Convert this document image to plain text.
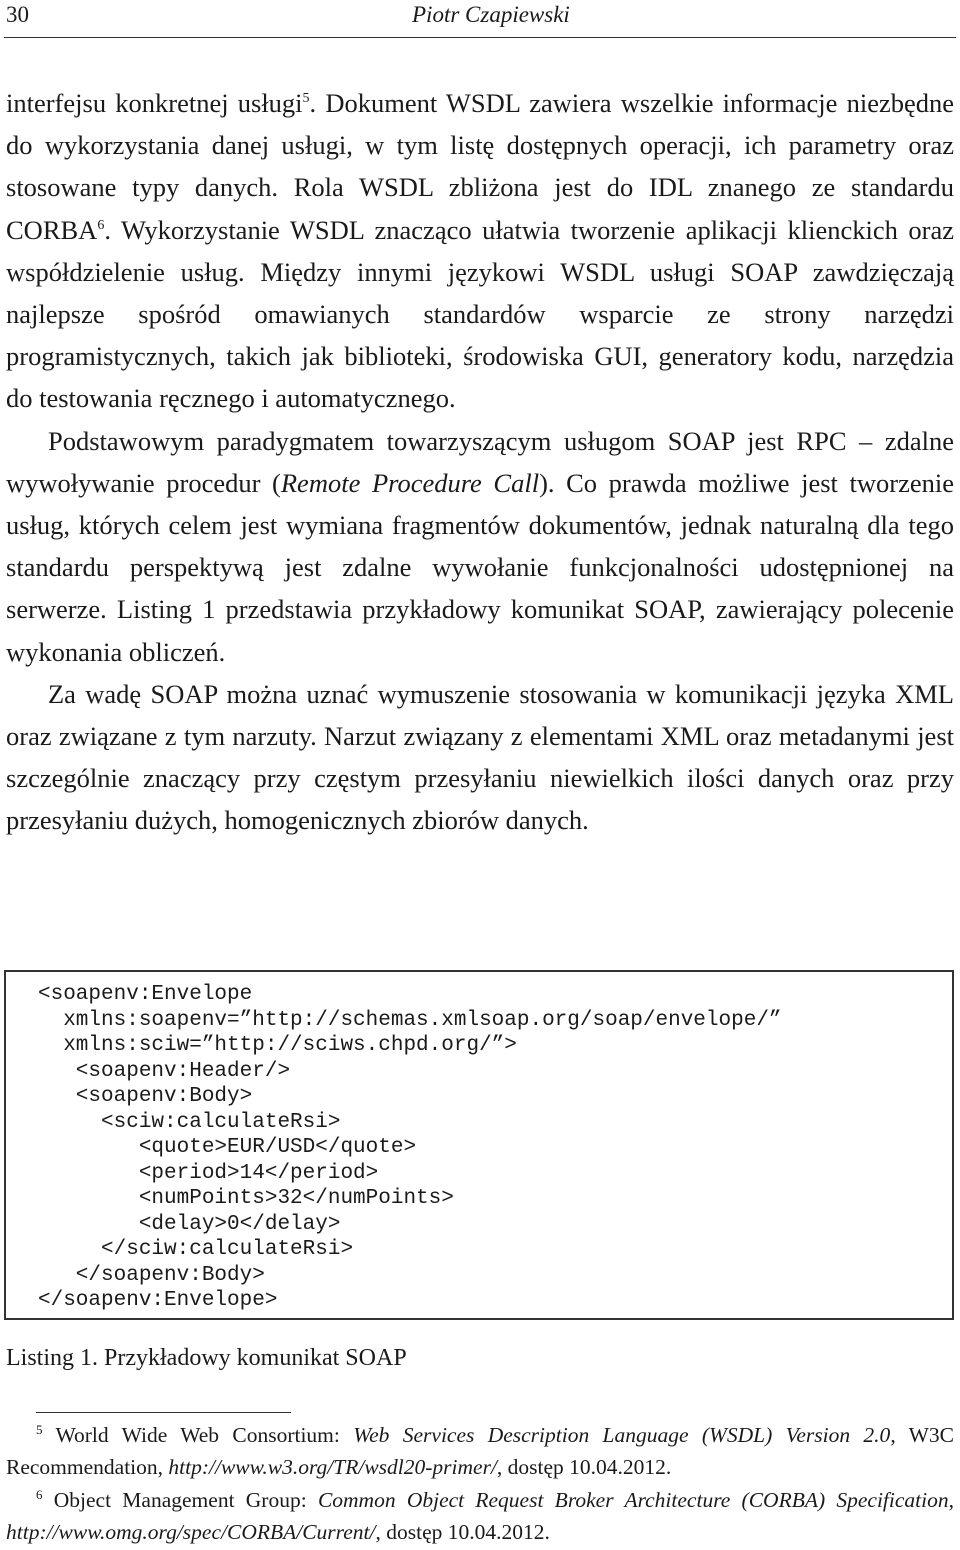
30	Piotr Czapiewski

interfejsu konkretnej usługi$^5$. Dokument WSDL zawiera wszelkie informacje niezbędne do wykorzystania danej usługi, w tym listę dostępnych operacji, ich parametry oraz stosowane typy danych. Rola WSDL zbliżona jest do IDL znanego ze standardu CORBA$^6$. Wykorzystanie WSDL znacząco ułatwia tworzenie aplikacji klienckich oraz współdzielenie usług. Między innymi językowi WSDL usługi SOAP zawdzięczają najlepsze spośród omawianych standardów wsparcie ze strony narzędzi programistycznych, takich jak biblioteki, środowiska GUI, generatory kodu, narzędzia do testowania ręcznego i automatycznego.

Podstawowym paradygmatem towarzyszącym usługom SOAP jest RPC – zdalne wywoływanie procedur (Remote Procedure Call). Co prawda możliwe jest tworzenie usług, których celem jest wymiana fragmentów dokumentów, jednak naturalną dla tego standardu perspektywą jest zdalne wywołanie funkcjonalności udostępnionej na serwerze. Listing 1 przedstawia przykładowy komunikat SOAP, zawierający polecenie wykonania obliczeń.

Za wadę SOAP można uznać wymuszenie stosowania w komunikacji języka XML oraz związane z tym narzuty. Narzut związany z elementami XML oraz metadanymi jest szczególnie znaczący przy częstym przesyłaniu niewielkich ilości danych oraz przy przesyłaniu dużych, homogenicznych zbiorów danych.

<soapenv:Envelope
xmlns:soapenv=”http://schemas.xmlsoap.org/soap/envelope/”
xmlns:sciw=”http://sciws.chpd.org/”>
<soapenv:Header/>
<soapenv:Body>
<sciw:calculateRsi>
<quote>EUR/USD</quote>
<period>14</period>
<numPoints>32</numPoints>
<delay>0</delay>
</sciw:calculateRsi>
</soapenv:Body>
</soapenv:Envelope>
Listing 1. Przykładowy komunikat SOAP

$^5$ World Wide Web Consortium: Web Services Description Language (WSDL) Version 2.0, W3C Recommendation, http://www.w3.org/TR/wsdl20-primer/, dostęp 10.04.2012.

$^6$ Object Management Group: Common Object Request Broker Architecture (CORBA) Specification, http://www.omg.org/spec/CORBA/Current/, dostęp 10.04.2012.
